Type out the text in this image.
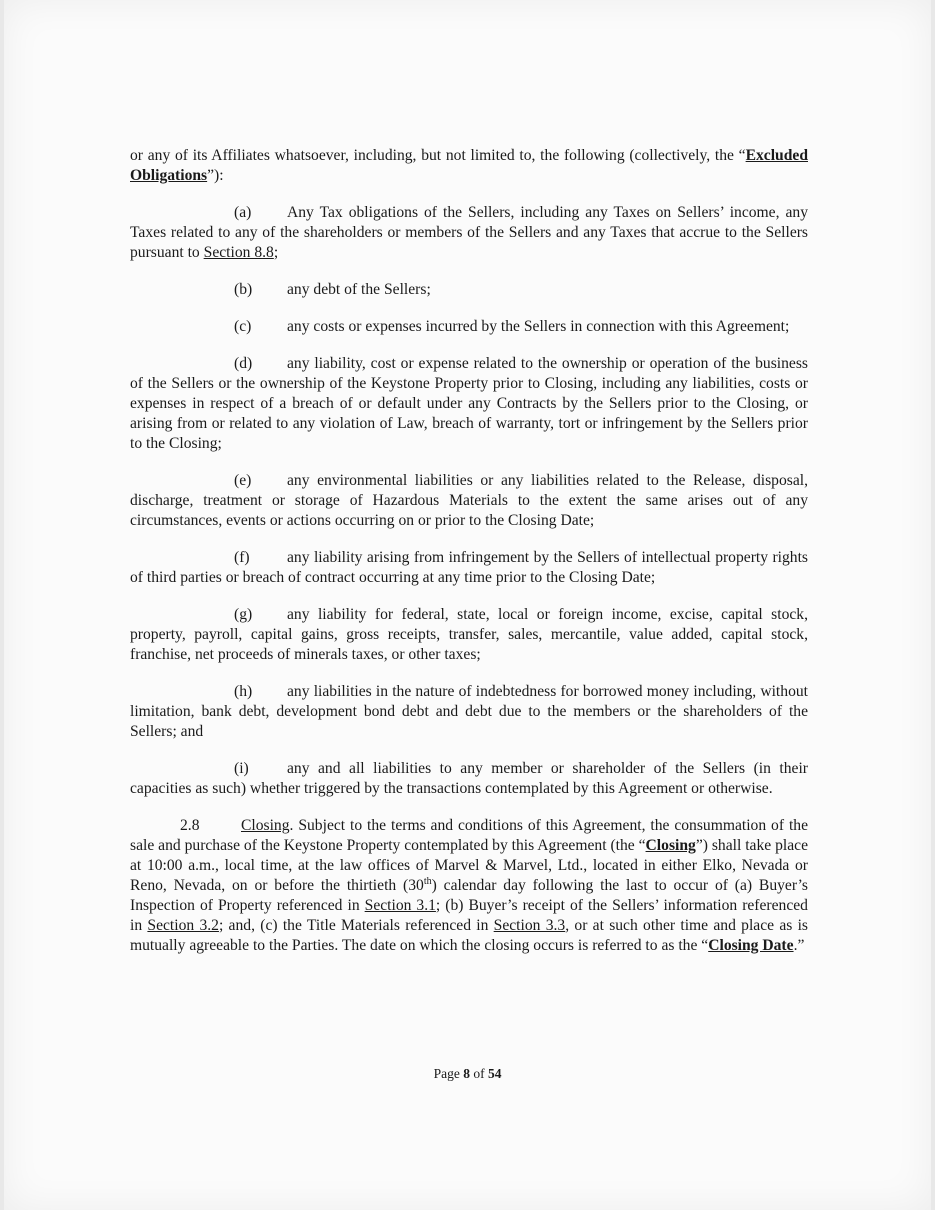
or any of its Affiliates whatsoever, including, but not limited to, the following (collectively, the “Excluded Obligations”):

(a) Any Tax obligations of the Sellers, including any Taxes on Sellers’ income, any Taxes related to any of the shareholders or members of the Sellers and any Taxes that accrue to the Sellers pursuant to Section 8.8;

(b) any debt of the Sellers;

(c) any costs or expenses incurred by the Sellers in connection with this Agreement;

(d) any liability, cost or expense related to the ownership or operation of the business of the Sellers or the ownership of the Keystone Property prior to Closing, including any liabilities, costs or expenses in respect of a breach of or default under any Contracts by the Sellers prior to the Closing, or arising from or related to any violation of Law, breach of warranty, tort or infringement by the Sellers prior to the Closing;

(e) any environmental liabilities or any liabilities related to the Release, disposal, discharge, treatment or storage of Hazardous Materials to the extent the same arises out of any circumstances, events or actions occurring on or prior to the Closing Date;

(f) any liability arising from infringement by the Sellers of intellectual property rights of third parties or breach of contract occurring at any time prior to the Closing Date;

(g) any liability for federal, state, local or foreign income, excise, capital stock, property, payroll, capital gains, gross receipts, transfer, sales, mercantile, value added, capital stock, franchise, net proceeds of minerals taxes, or other taxes;

(h) any liabilities in the nature of indebtedness for borrowed money including, without limitation, bank debt, development bond debt and debt due to the members or the shareholders of the Sellers; and

(i) any and all liabilities to any member or shareholder of the Sellers (in their capacities as such) whether triggered by the transactions contemplated by this Agreement or otherwise.

2.8	Closing. Subject to the terms and conditions of this Agreement, the consummation of the sale and purchase of the Keystone Property contemplated by this Agreement (the “Closing”) shall take place at 10:00 a.m., local time, at the law offices of Marvel & Marvel, Ltd., located in either Elko, Nevada or Reno, Nevada, on or before the thirtieth (30th) calendar day following the last to occur of (a) Buyer’s Inspection of Property referenced in Section 3.1; (b) Buyer’s receipt of the Sellers’ information referenced in Section 3.2; and, (c) the Title Materials referenced in Section 3.3, or at such other time and place as is mutually agreeable to the Parties. The date on which the closing occurs is referred to as the “Closing Date.”

Page 8 of 54
